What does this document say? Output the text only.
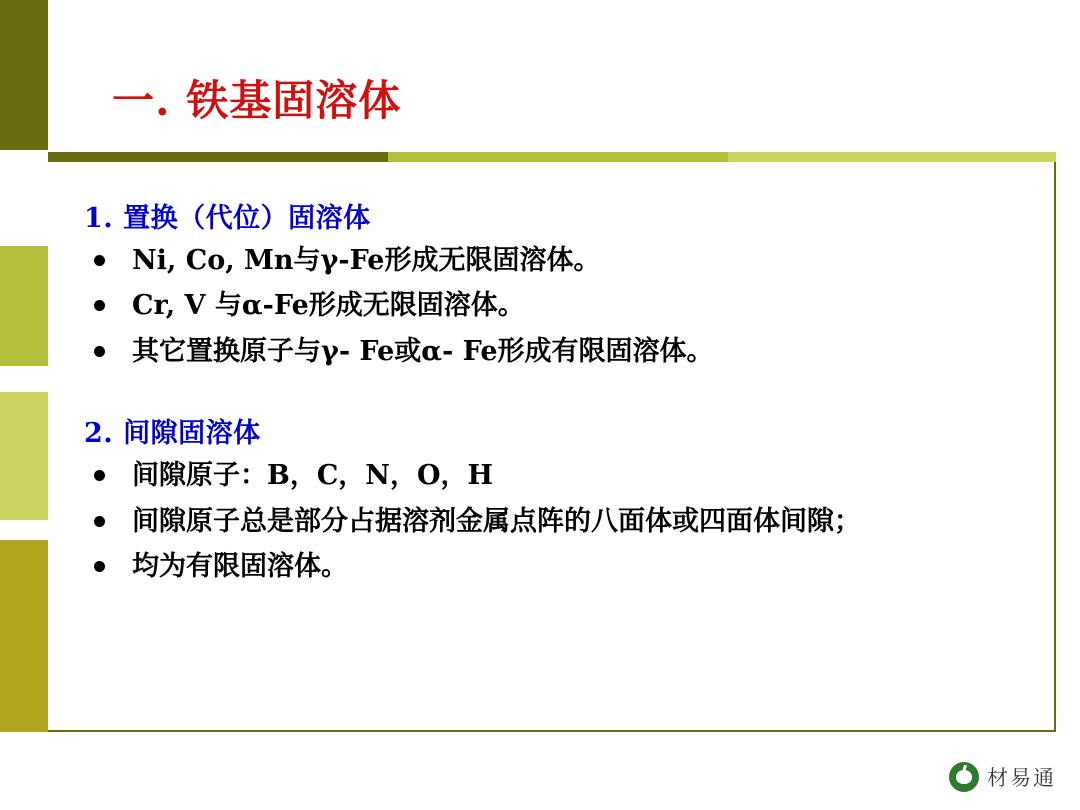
一. 铁基固溶体
1. 置换（代位）固溶体
Ni, Co, Mn与γ-Fe形成无限固溶体。
Cr, V 与α-Fe形成无限固溶体。
其它置换原子与γ- Fe或α- Fe形成有限固溶体。
2. 间隙固溶体
间隙原子：B，C，N，O，H
间隙原子总是部分占据溶剂金属点阵的八面体或四面体间隙；
均为有限固溶体。
材易通
